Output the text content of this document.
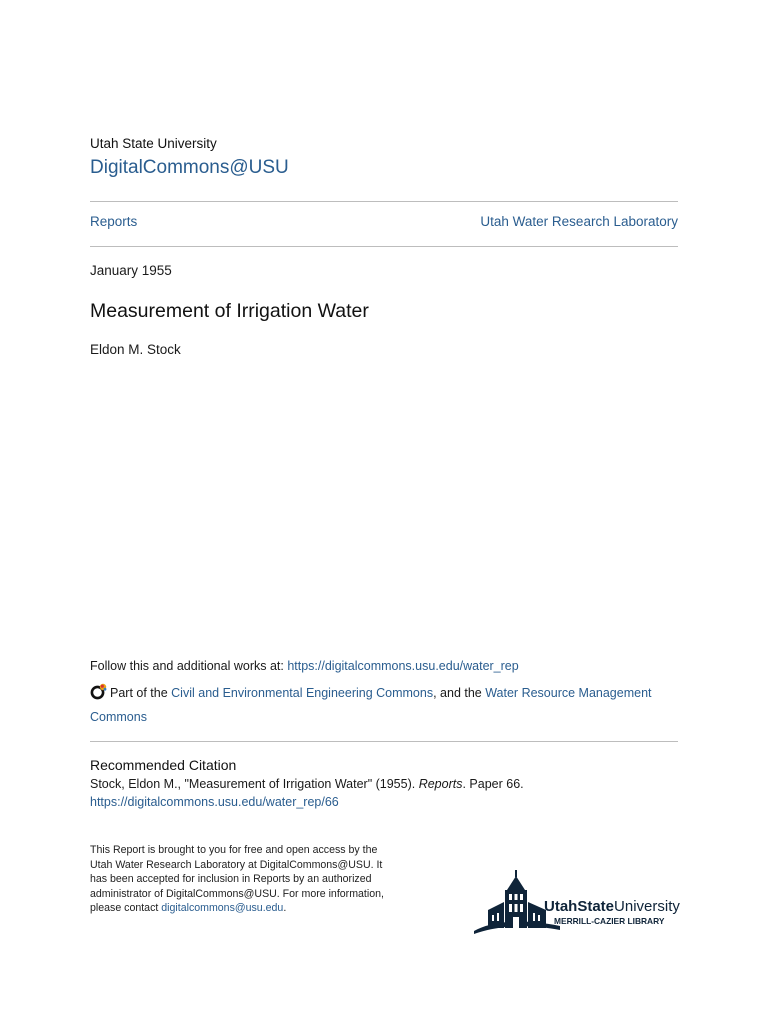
Utah State University
DigitalCommons@USU
Reports	Utah Water Research Laboratory
January 1955
Measurement of Irrigation Water
Eldon M. Stock
Follow this and additional works at: https://digitalcommons.usu.edu/water_rep
Part of the Civil and Environmental Engineering Commons, and the Water Resource Management Commons
Recommended Citation
Stock, Eldon M., "Measurement of Irrigation Water" (1955). Reports. Paper 66.
https://digitalcommons.usu.edu/water_rep/66
This Report is brought to you for free and open access by the Utah Water Research Laboratory at DigitalCommons@USU. It has been accepted for inclusion in Reports by an authorized administrator of DigitalCommons@USU. For more information, please contact digitalcommons@usu.edu.	UtahStateUniversity
MERRILL-CAZIER LIBRARY
